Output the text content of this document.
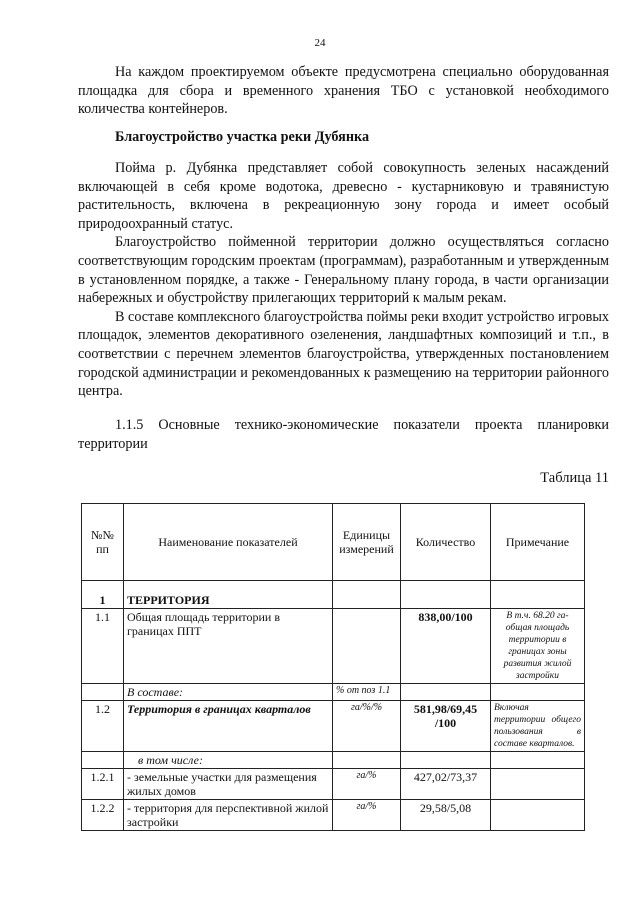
24

На каждом проектируемом объекте предусмотрена специально оборудованная площадка для сбора и временного хранения ТБО с установкой необходимого количества контейнеров.

Благоустройство участка реки Дубянка

Пойма р. Дубянка представляет собой совокупность зеленых насаждений включающей в себя кроме водотока, древесно - кустарниковую и травянистую растительность, включена в рекреационную зону города и имеет особый природоохранный статус.

Благоустройство пойменной территории должно осуществляться согласно соответствующим городским проектам (программам), разработанным и утвержденным в установленном порядке, а также - Генеральному плану города, в части организации набережных и обустройству прилегающих территорий к малым рекам.

В составе комплексного благоустройства поймы реки входит устройство игровых площадок, элементов декоративного озеленения, ландшафтных композиций и т.п., в соответствии с перечнем элементов благоустройства, утвержденных постановлением городской администрации и рекомендованных к размещению на территории районного центра.

1.1.5 Основные технико-экономические показатели проекта планировки территории

Таблица 11
№№ пп	Наименование показателей	Единицы измерений	Количество	Примечание
1	ТЕРРИТОРИЯ			
1.1	Общая площадь территории в границах ППТ		838,00/100	В т.ч. 68.20 га-общая площадь территории в границах зоны развития жилой застройки
	В составе:	% от поз 1.1		
1.2	Территория в границах кварталов	га/%/%	581,98/69,45 /100	Включая территории общего пользования в составе кварталов.
	в том числе:			
1.2.1	- земельные участки для размещения жилых домов	га/%	427,02/73,37	
1.2.2	- территория для перспективной жилой застройки	га/%	29,58/5,08	
